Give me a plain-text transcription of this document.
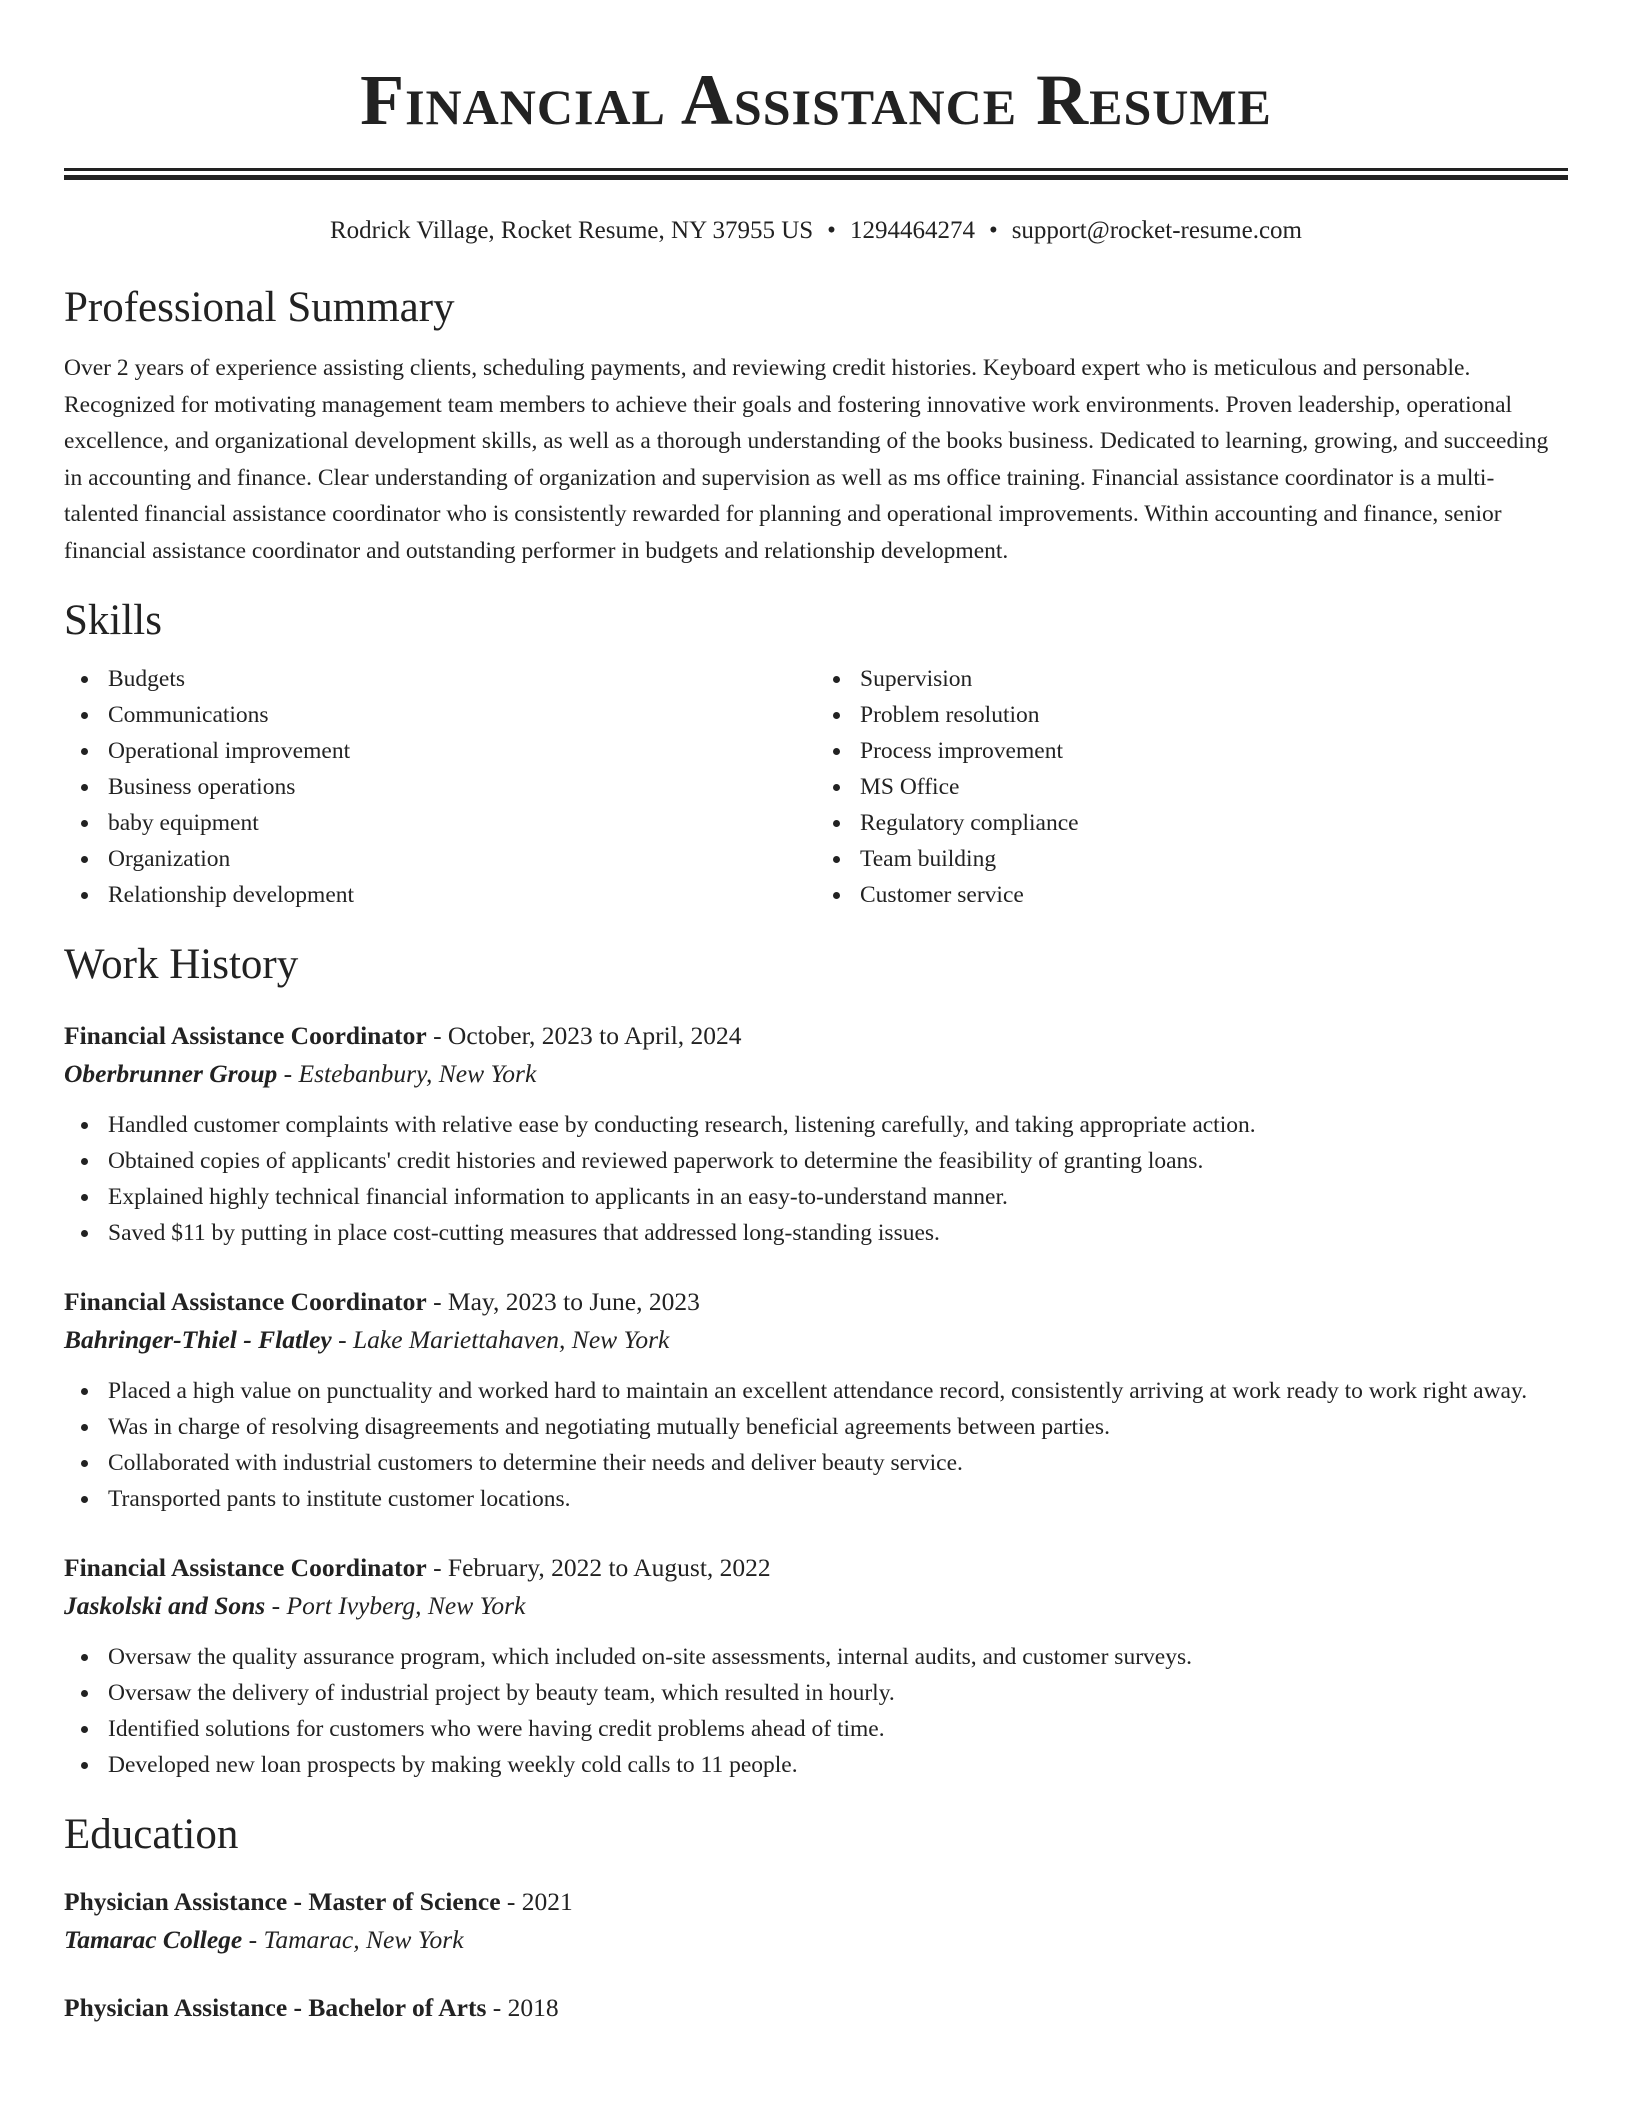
Financial Assistance Resume
Rodrick Village, Rocket Resume, NY 37955 US • 1294464274 • support@rocket-resume.com
Professional Summary

Over 2 years of experience assisting clients, scheduling payments, and reviewing credit histories. Keyboard expert who is meticulous and personable. Recognized for motivating management team members to achieve their goals and fostering innovative work environments. Proven leadership, operational excellence, and organizational development skills, as well as a thorough understanding of the books business. Dedicated to learning, growing, and succeeding in accounting and finance. Clear understanding of organization and supervision as well as ms office training. Financial assistance coordinator is a multi-talented financial assistance coordinator who is consistently rewarded for planning and operational improvements. Within accounting and finance, senior financial assistance coordinator and outstanding performer in budgets and relationship development.

Skills
Budgets
Communications
Operational improvement
Business operations
baby equipment
Organization
Relationship development
Supervision
Problem resolution
Process improvement
MS Office
Regulatory compliance
Team building
Customer service
Work History
Financial Assistance Coordinator - October, 2023 to April, 2024
Oberbrunner Group - Estebanbury, New York
Handled customer complaints with relative ease by conducting research, listening carefully, and taking appropriate action.
Obtained copies of applicants' credit histories and reviewed paperwork to determine the feasibility of granting loans.
Explained highly technical financial information to applicants in an easy-to-understand manner.
Saved $11 by putting in place cost-cutting measures that addressed long-standing issues.
Financial Assistance Coordinator - May, 2023 to June, 2023
Bahringer-Thiel - Flatley - Lake Mariettahaven, New York
Placed a high value on punctuality and worked hard to maintain an excellent attendance record, consistently arriving at work ready to work right away.
Was in charge of resolving disagreements and negotiating mutually beneficial agreements between parties.
Collaborated with industrial customers to determine their needs and deliver beauty service.
Transported pants to institute customer locations.
Financial Assistance Coordinator - February, 2022 to August, 2022
Jaskolski and Sons - Port Ivyberg, New York
Oversaw the quality assurance program, which included on-site assessments, internal audits, and customer surveys.
Oversaw the delivery of industrial project by beauty team, which resulted in hourly.
Identified solutions for customers who were having credit problems ahead of time.
Developed new loan prospects by making weekly cold calls to 11 people.
Education
Physician Assistance - Master of Science - 2021
Tamarac College - Tamarac, New York
Physician Assistance - Bachelor of Arts - 2018
